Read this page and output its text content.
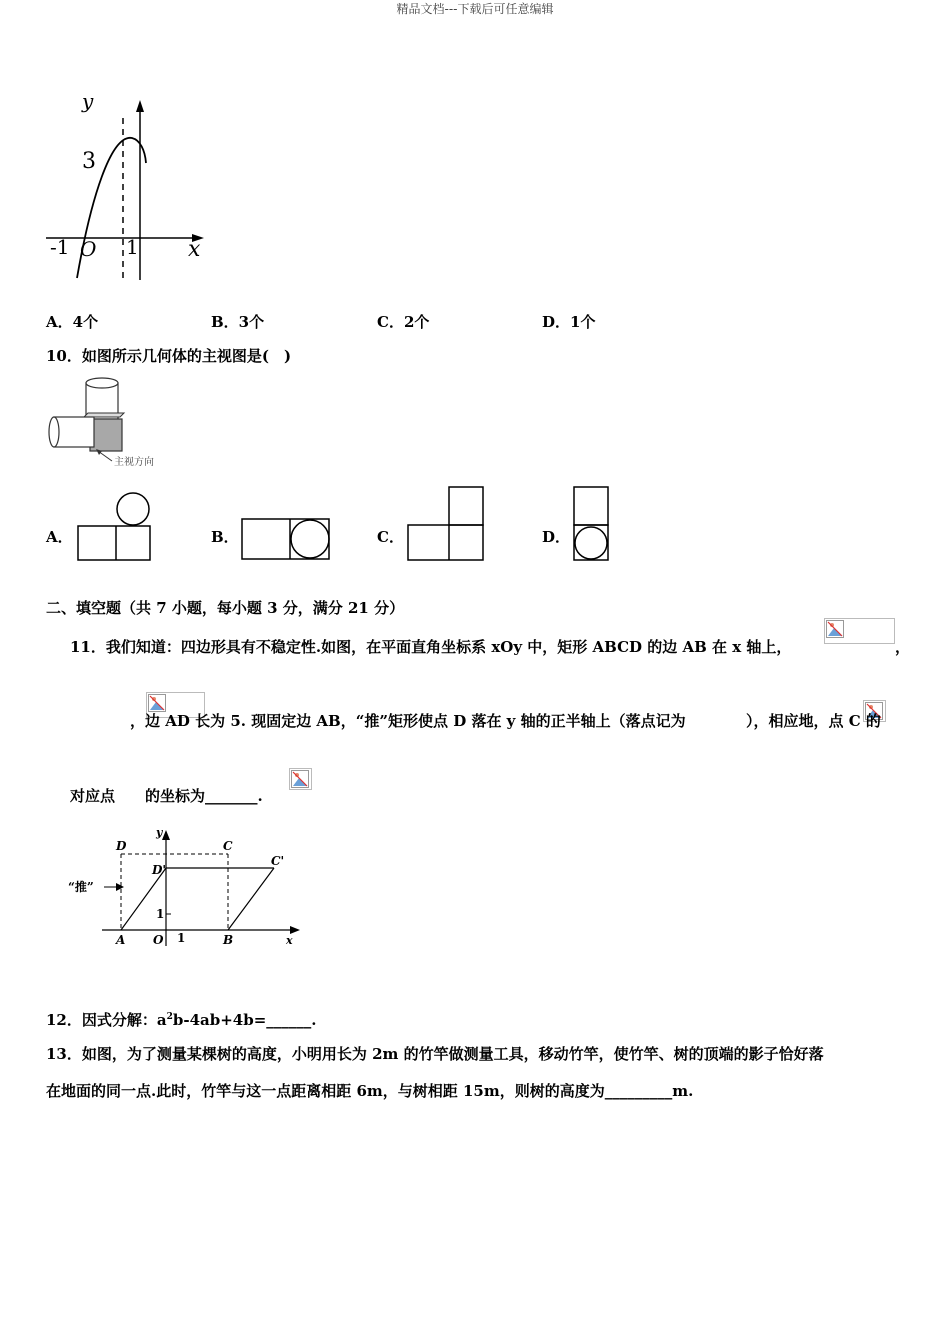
精品文档---下载后可任意编辑
y
3
-1 O 1 x
A．4个	B．3个	C．2个	D．1个
10．如图所示几何体的主视图是(　)
主视方向
A．	B．	C．	D．
二、填空题（共 7 小题，每小题 3 分，满分 21 分）
11．我们知道：四边形具有不稳定性.如图，在平面直角坐标系 xOy 中，矩形 ABCD 的边 AB 在 x 轴上，
	，

，边 AD 长为 5. 现固定边 AB，“推”矩形使点 D 落在 y 轴的正半轴上（落点记为
	），相应地，点 C 的
对应点 的坐标为_______.
D	C
D'
C'
“推”
1
A O 1	B
y
x
12．因式分解：$a^2b-4ab+4b=\_\_\_\_\_\_$.
13．如图，为了测量某棵树的高度，小明用长为 2m 的竹竿做测量工具，移动竹竿，使竹竿、树的顶端的影子恰好落
在地面的同一点.此时，竹竿与这一点距离相距 6m，与树相距 15m，则树的高度为_________m.
